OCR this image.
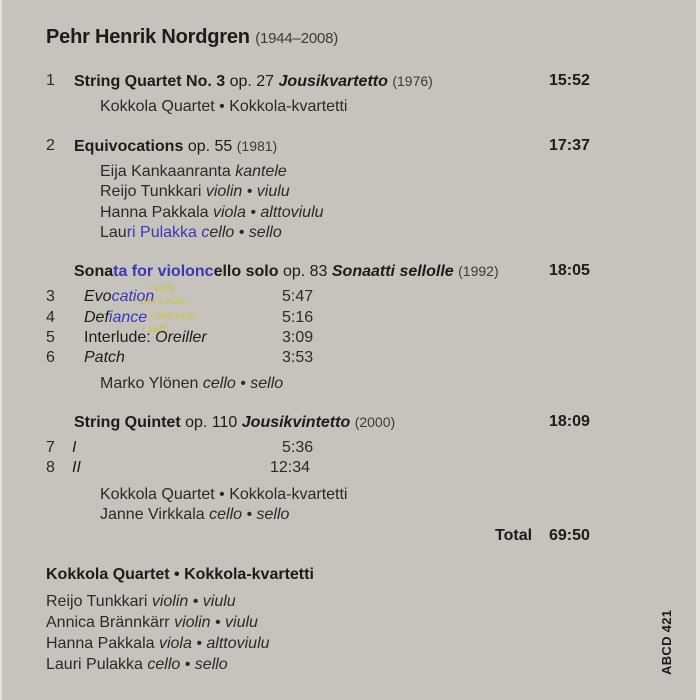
Pehr Henrik Nordgren (1944–2008)
1 String Quartet No. 3 op. 27 Jousikvartetto (1976)	15:52
Kokkola Quartet • Kokkola-kvartetti
2 Equivocations op. 55 (1981)	17:37
Eija Kankaanranta kantele
Reijo Tunkkari violin • viulu
Hanna Pakkala viola • alttoviulu
Lauri Pulakka cello • sello
Sonata for violoncello solo op. 83 Sonaatti sellolle (1992)	18:05
• viulu
olin • viulu
• alttoviulu
• sello
3 Evocation	5:47
4 Defiance	5:16
5 Interlude: Oreiller	3:09
6 Patch	3:53
Marko Ylönen cello • sello
String Quintet op. 110 Jousikvintetto (2000)	18:09
7 I	5:36
8 II	12:34
Kokkola Quartet • Kokkola-kvartetti
Janne Virkkala cello • sello
Total 69:50
Kokkola Quartet • Kokkola-kvartetti
Reijo Tunkkari violin • viulu
Annica Brännkärr violin • viulu
Hanna Pakkala viola • alttoviulu
Lauri Pulakka cello • sello	ABCD 421
